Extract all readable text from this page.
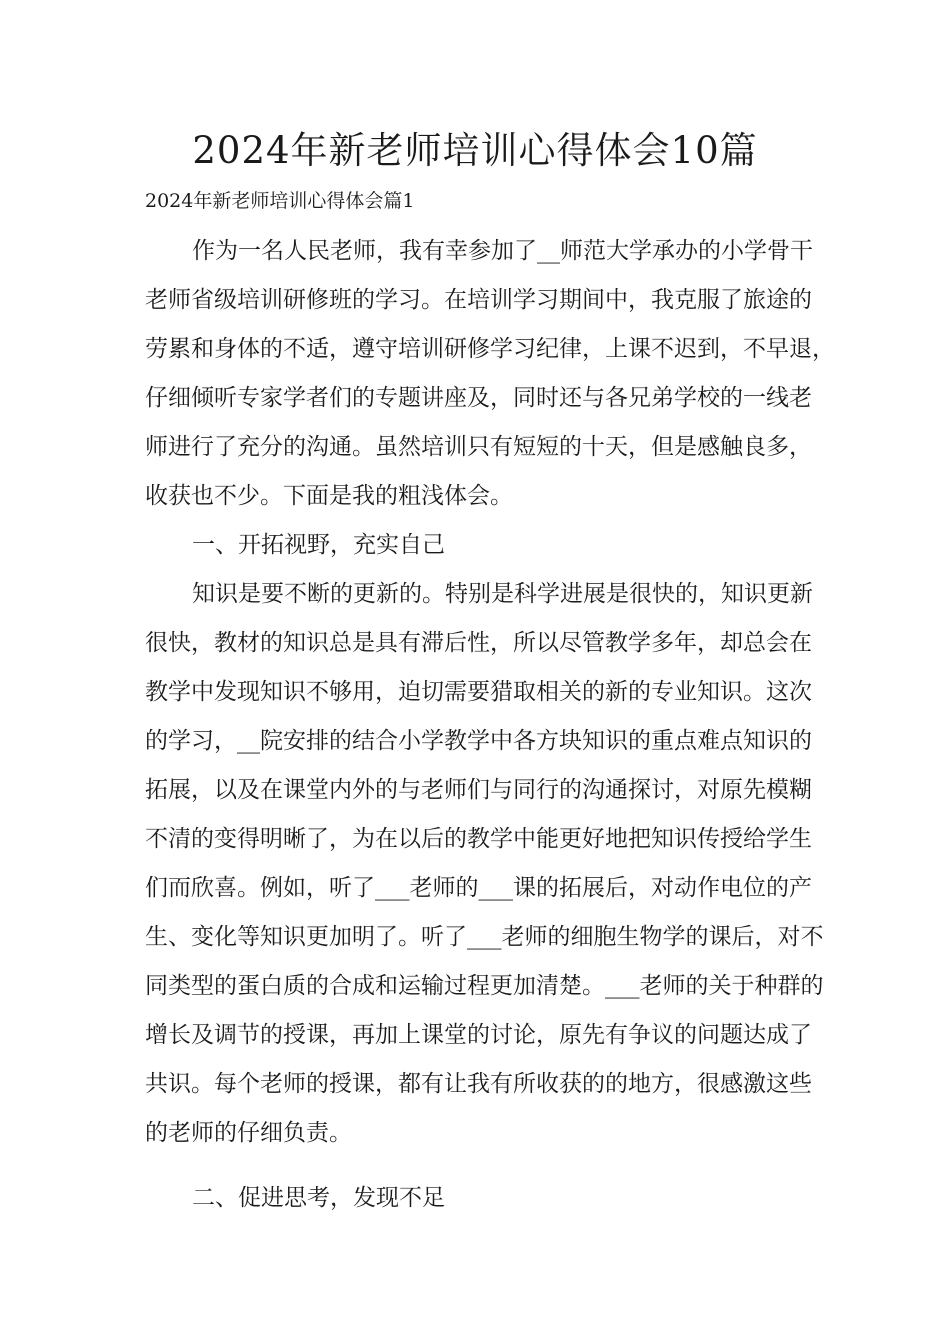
2024年新老师培训心得体会10篇
2024年新老师培训心得体会篇1
作为一名人民老师，我有幸参加了__师范大学承办的小学骨干
老师省级培训研修班的学习。在培训学习期间中，我克服了旅途的
劳累和身体的不适，遵守培训研修学习纪律，上课不迟到，不早退，
仔细倾听专家学者们的专题讲座及，同时还与各兄弟学校的一线老
师进行了充分的沟通。虽然培训只有短短的十天，但是感触良多，
收获也不少。下面是我的粗浅体会。
一、开拓视野，充实自己
知识是要不断的更新的。特别是科学进展是很快的，知识更新
很快，教材的知识总是具有滞后性，所以尽管教学多年，却总会在
教学中发现知识不够用，迫切需要猎取相关的新的专业知识。这次
的学习，__院安排的结合小学教学中各方块知识的重点难点知识的
拓展，以及在课堂内外的与老师们与同行的沟通探讨，对原先模糊
不清的变得明晰了，为在以后的教学中能更好地把知识传授给学生
们而欣喜。例如，听了___老师的___课的拓展后，对动作电位的产
生、变化等知识更加明了。听了___老师的细胞生物学的课后，对不
同类型的蛋白质的合成和运输过程更加清楚。___老师的关于种群的
增长及调节的授课，再加上课堂的讨论，原先有争议的问题达成了
共识。每个老师的授课，都有让我有所收获的的地方，很感激这些
的老师的仔细负责。
二、促进思考，发现不足
